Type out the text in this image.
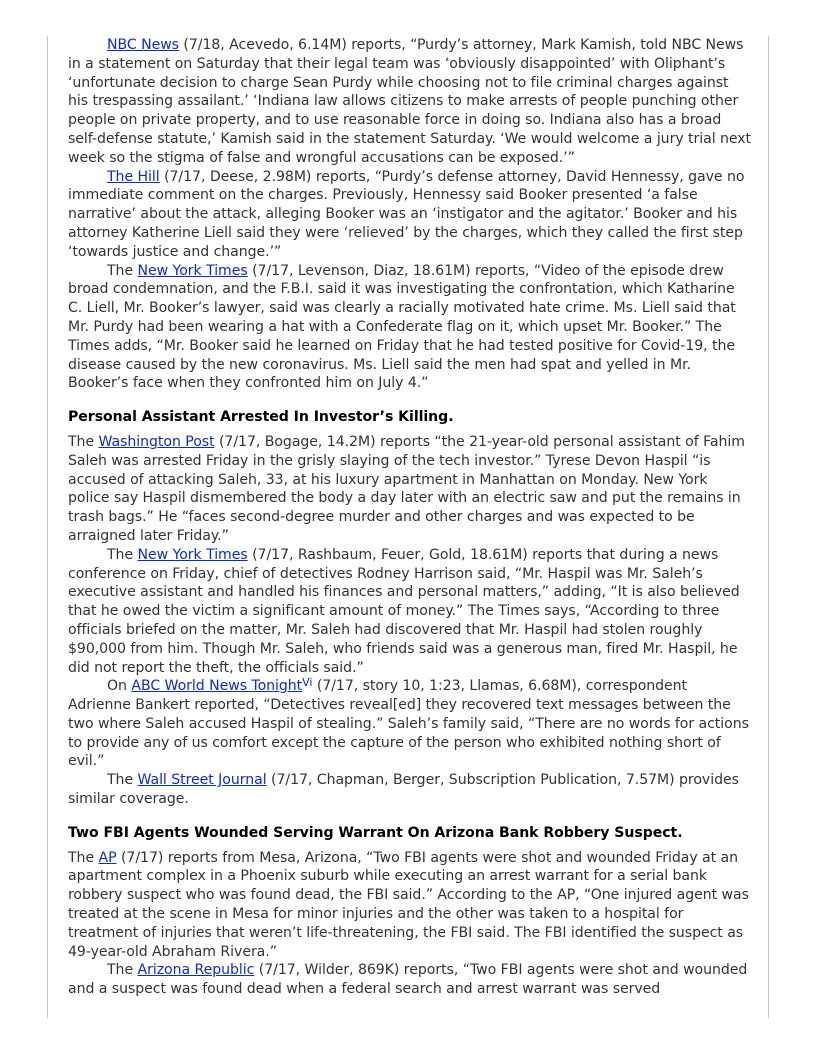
NBC News (7/18, Acevedo, 6.14M) reports, “Purdy’s attorney, Mark Kamish, told NBC News in a statement on Saturday that their legal team was ‘obviously disappointed’ with Oliphant’s ‘unfortunate decision to charge Sean Purdy while choosing not to file criminal charges against his trespassing assailant.’ ‘Indiana law allows citizens to make arrests of people punching other people on private property, and to use reasonable force in doing so. Indiana also has a broad self-defense statute,’ Kamish said in the statement Saturday. ‘We would welcome a jury trial next week so the stigma of false and wrongful accusations can be exposed.’”

The Hill (7/17, Deese, 2.98M) reports, “Purdy’s defense attorney, David Hennessy, gave no immediate comment on the charges. Previously, Hennessy said Booker presented ‘a false narrative’ about the attack, alleging Booker was an ‘instigator and the agitator.’ Booker and his attorney Katherine Liell said they were ‘relieved’ by the charges, which they called the first step ‘towards justice and change.’”

The New York Times (7/17, Levenson, Diaz, 18.61M) reports, “Video of the episode drew broad condemnation, and the F.B.I. said it was investigating the confrontation, which Katharine C. Liell, Mr. Booker’s lawyer, said was clearly a racially motivated hate crime. Ms. Liell said that Mr. Purdy had been wearing a hat with a Confederate flag on it, which upset Mr. Booker.” The Times adds, “Mr. Booker said he learned on Friday that he had tested positive for Covid-19, the disease caused by the new coronavirus. Ms. Liell said the men had spat and yelled in Mr. Booker’s face when they confronted him on July 4.”

Personal Assistant Arrested In Investor’s Killing.

The Washington Post (7/17, Bogage, 14.2M) reports “the 21-year-old personal assistant of Fahim Saleh was arrested Friday in the grisly slaying of the tech investor.” Tyrese Devon Haspil “is accused of attacking Saleh, 33, at his luxury apartment in Manhattan on Monday. New York police say Haspil dismembered the body a day later with an electric saw and put the remains in trash bags.” He “faces second-degree murder and other charges and was expected to be arraigned later Friday.”

The New York Times (7/17, Rashbaum, Feuer, Gold, 18.61M) reports that during a news conference on Friday, chief of detectives Rodney Harrison said, “Mr. Haspil was Mr. Saleh’s executive assistant and handled his finances and personal matters,” adding, “It is also believed that he owed the victim a significant amount of money.” The Times says, “According to three officials briefed on the matter, Mr. Saleh had discovered that Mr. Haspil had stolen roughly $90,000 from him. Though Mr. Saleh, who friends said was a generous man, fired Mr. Haspil, he did not report the theft, the officials said.”

On ABC World News Tonight$^{Vi}$ (7/17, story 10, 1:23, Llamas, 6.68M), correspondent Adrienne Bankert reported, “Detectives reveal[ed] they recovered text messages between the two where Saleh accused Haspil of stealing.” Saleh’s family said, “There are no words for actions to provide any of us comfort except the capture of the person who exhibited nothing short of evil.”

The Wall Street Journal (7/17, Chapman, Berger, Subscription Publication, 7.57M) provides similar coverage.

Two FBI Agents Wounded Serving Warrant On Arizona Bank Robbery Suspect.

The AP (7/17) reports from Mesa, Arizona, “Two FBI agents were shot and wounded Friday at an apartment complex in a Phoenix suburb while executing an arrest warrant for a serial bank robbery suspect who was found dead, the FBI said.” According to the AP, “One injured agent was treated at the scene in Mesa for minor injuries and the other was taken to a hospital for treatment of injuries that weren’t life-threatening, the FBI said. The FBI identified the suspect as 49-year-old Abraham Rivera.”

The Arizona Republic (7/17, Wilder, 869K) reports, “Two FBI agents were shot and wounded and a suspect was found dead when a federal search and arrest warrant was served
